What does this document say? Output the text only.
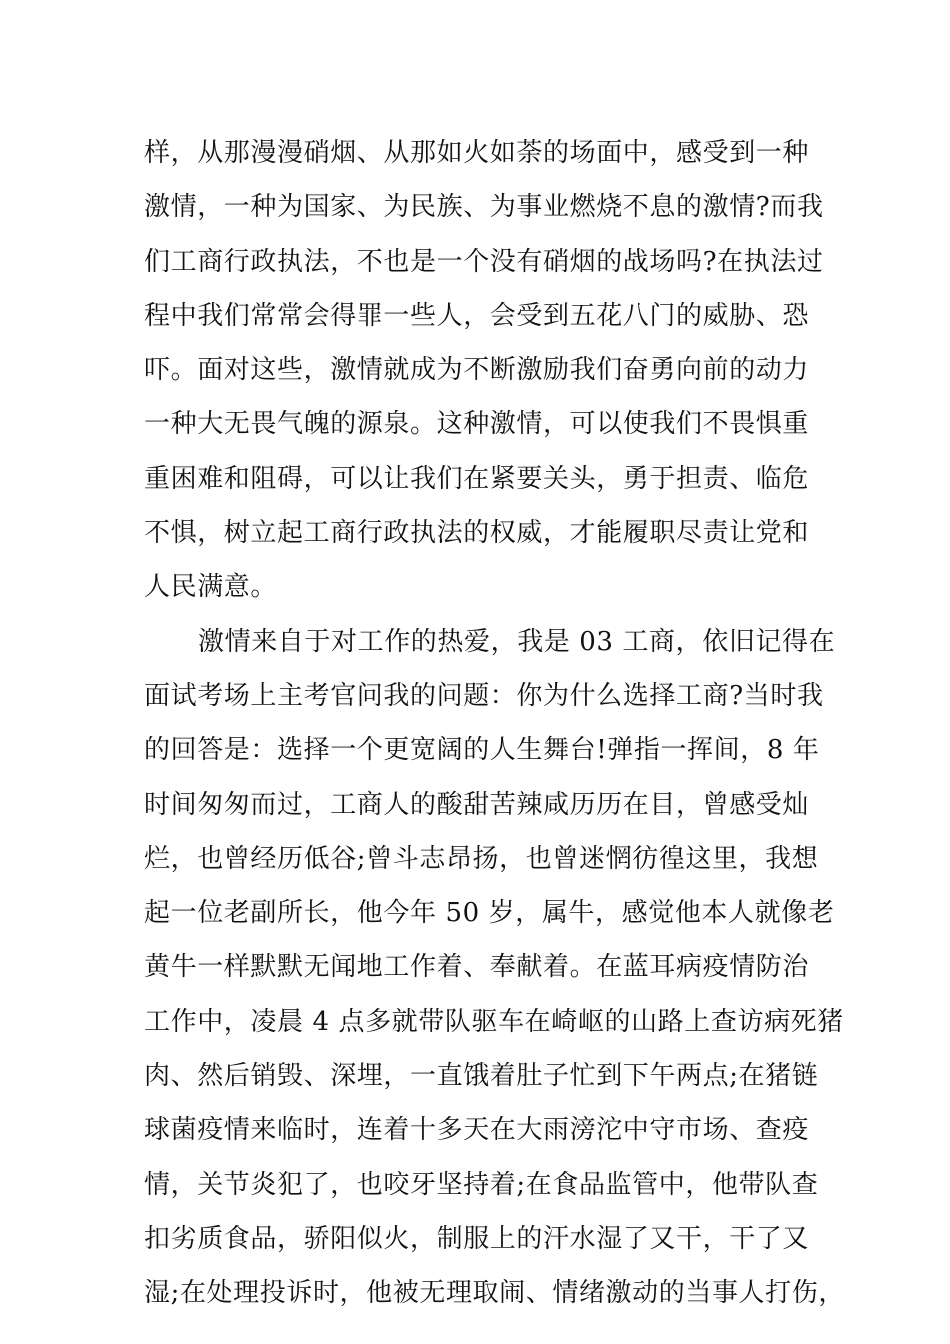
样，从那漫漫硝烟、从那如火如荼的场面中，感受到一种
激情，一种为国家、为民族、为事业燃烧不息的激情?而我
们工商行政执法，不也是一个没有硝烟的战场吗?在执法过
程中我们常常会得罪一些人，会受到五花八门的威胁、恐
吓。面对这些，激情就成为不断激励我们奋勇向前的动力
一种大无畏气魄的源泉。这种激情，可以使我们不畏惧重
重困难和阻碍，可以让我们在紧要关头，勇于担责、临危
不惧，树立起工商行政执法的权威，才能履职尽责让党和
人民满意。
激情来自于对工作的热爱，我是 03 工商，依旧记得在
面试考场上主考官问我的问题：你为什么选择工商?当时我
的回答是：选择一个更宽阔的人生舞台!弹指一挥间，8 年
时间匆匆而过，工商人的酸甜苦辣咸历历在目，曾感受灿
烂，也曾经历低谷;曾斗志昂扬，也曾迷惘彷徨这里，我想
起一位老副所长，他今年 50 岁，属牛，感觉他本人就像老
黄牛一样默默无闻地工作着、奉献着。在蓝耳病疫情防治
工作中，凌晨 4 点多就带队驱车在崎岖的山路上查访病死猪
肉、然后销毁、深埋，一直饿着肚子忙到下午两点;在猪链
球菌疫情来临时，连着十多天在大雨滂沱中守市场、查疫
情，关节炎犯了，也咬牙坚持着;在食品监管中，他带队查
扣劣质食品，骄阳似火，制服上的汗水湿了又干，干了又
湿;在处理投诉时，他被无理取闹、情绪激动的当事人打伤，
